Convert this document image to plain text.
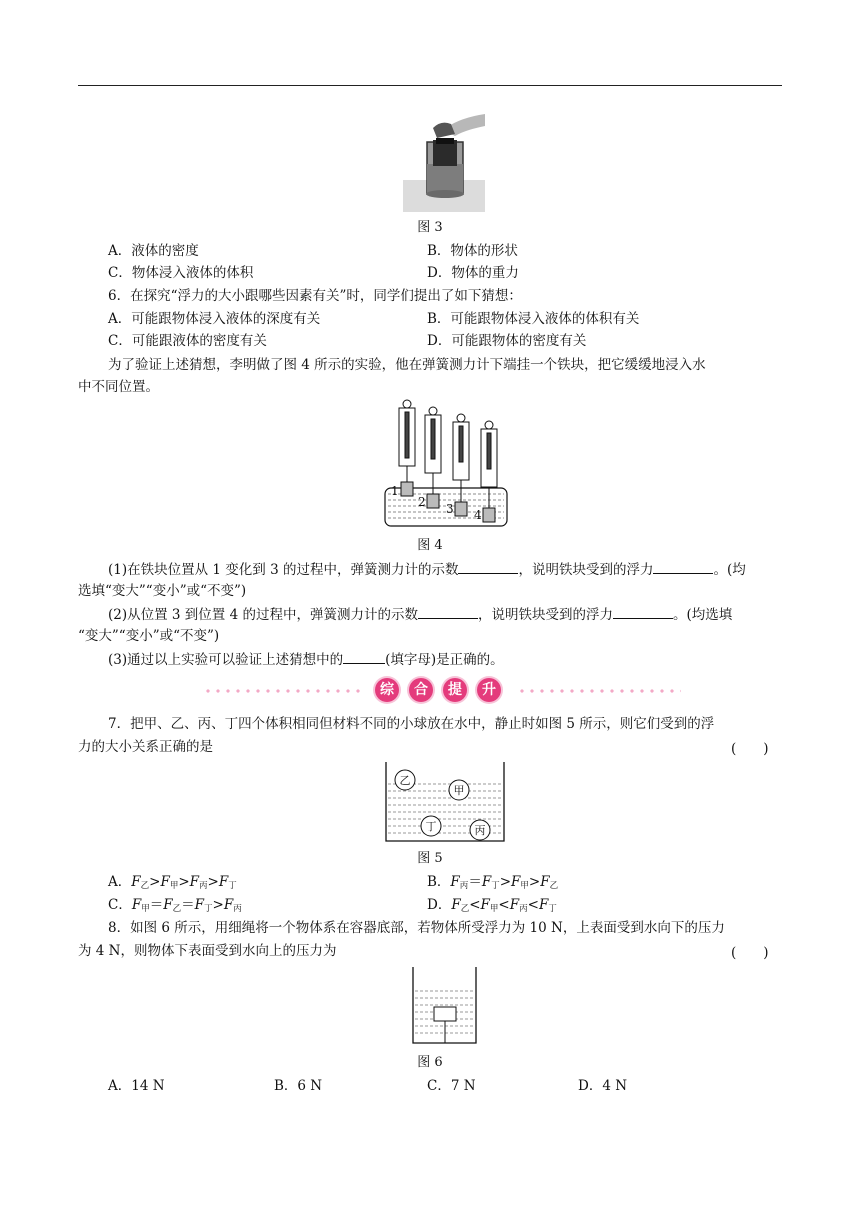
图 3
A．液体的密度	B．物体的形状
C．物体浸入液体的体积	D．物体的重力
6．在探究“浮力的大小跟哪些因素有关”时，同学们提出了如下猜想：
A．可能跟物体浸入液体的深度有关	B．可能跟物体浸入液体的体积有关
C．可能跟液体的密度有关	D．可能跟物体的密度有关
为了验证上述猜想，李明做了图 4 所示的实验，他在弹簧测力计下端挂一个铁块，把它缓缓地浸入水
中不同位置。
1
2 3 4
图 4
(1)在铁块位置从 1 变化到 3 的过程中，弹簧测力计的示数	，说明铁块受到的浮力	。(均
选填“变大”“变小”或“不变”)
(2)从位置 3 到位置 4 的过程中，弹簧测力计的示数	，说明铁块受到的浮力	。(均选填
“变大”“变小”或“不变”)
(3)通过以上实验可以验证上述猜想中的	(填字母)是正确的。
综	合	提	升
7．把甲、乙、丙、丁四个体积相同但材料不同的小球放在水中，静止时如图 5 所示，则它们受到的浮
力的大小关系正确的是	(　　)
乙
甲
丁	丙
图 5
A．$F_乙>F_甲>F_丙>F_丁$	B．$F_丙=F_丁>F_甲>F_乙$
C．$F_甲=F_乙=F_丁>F_丙$	D．$F_乙<F_甲<F_丙<F_丁$
8．如图 6 所示，用细绳将一个物体系在容器底部，若物体所受浮力为 10 N，上表面受到水向下的压力
为 4 N，则物体下表面受到水向上的压力为	(　　)
图 6
A．14 N	B．6 N	C．7 N	D．4 N
